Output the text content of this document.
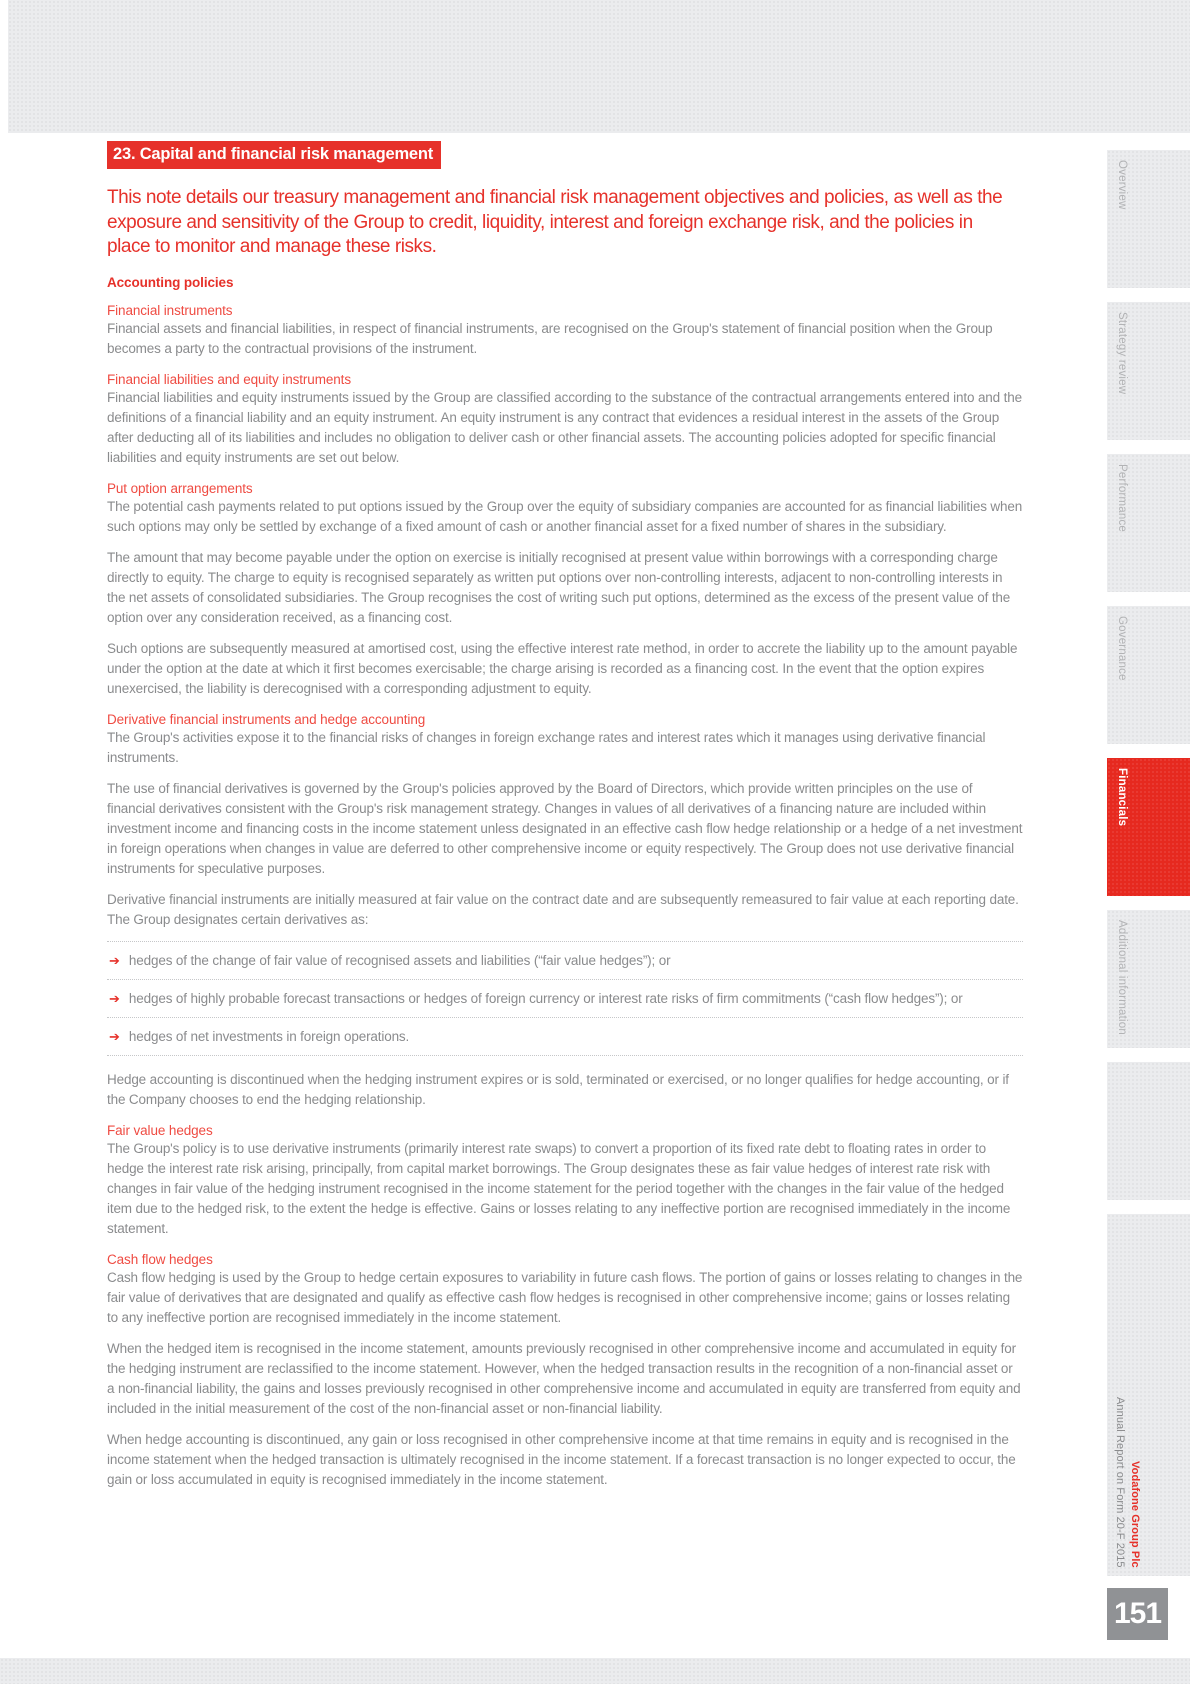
23. Capital and financial risk management

This note details our treasury management and financial risk management objectives and policies, as well as the exposure and sensitivity of the Group to credit, liquidity, interest and foreign exchange risk, and the policies in place to monitor and manage these risks.

Accounting policies
Financial instruments

Financial assets and financial liabilities, in respect of financial instruments, are recognised on the Group's statement of financial position when the Group becomes a party to the contractual provisions of the instrument.

Financial liabilities and equity instruments

Financial liabilities and equity instruments issued by the Group are classified according to the substance of the contractual arrangements entered into and the definitions of a financial liability and an equity instrument. An equity instrument is any contract that evidences a residual interest in the assets of the Group after deducting all of its liabilities and includes no obligation to deliver cash or other financial assets. The accounting policies adopted for specific financial liabilities and equity instruments are set out below.

Put option arrangements

The potential cash payments related to put options issued by the Group over the equity of subsidiary companies are accounted for as financial liabilities when such options may only be settled by exchange of a fixed amount of cash or another financial asset for a fixed number of shares in the subsidiary.

The amount that may become payable under the option on exercise is initially recognised at present value within borrowings with a corresponding charge directly to equity. The charge to equity is recognised separately as written put options over non-controlling interests, adjacent to non-controlling interests in the net assets of consolidated subsidiaries. The Group recognises the cost of writing such put options, determined as the excess of the present value of the option over any consideration received, as a financing cost.

Such options are subsequently measured at amortised cost, using the effective interest rate method, in order to accrete the liability up to the amount payable under the option at the date at which it first becomes exercisable; the charge arising is recorded as a financing cost. In the event that the option expires unexercised, the liability is derecognised with a corresponding adjustment to equity.

Derivative financial instruments and hedge accounting

The Group's activities expose it to the financial risks of changes in foreign exchange rates and interest rates which it manages using derivative financial instruments.

The use of financial derivatives is governed by the Group's policies approved by the Board of Directors, which provide written principles on the use of financial derivatives consistent with the Group's risk management strategy. Changes in values of all derivatives of a financing nature are included within investment income and financing costs in the income statement unless designated in an effective cash flow hedge relationship or a hedge of a net investment in foreign operations when changes in value are deferred to other comprehensive income or equity respectively. The Group does not use derivative financial instruments for speculative purposes.

Derivative financial instruments are initially measured at fair value on the contract date and are subsequently remeasured to fair value at each reporting date. The Group designates certain derivatives as:

➔ hedges of the change of fair value of recognised assets and liabilities (“fair value hedges”); or
➔ hedges of highly probable forecast transactions or hedges of foreign currency or interest rate risks of firm commitments (“cash flow hedges”); or
➔ hedges of net investments in foreign operations.

Hedge accounting is discontinued when the hedging instrument expires or is sold, terminated or exercised, or no longer qualifies for hedge accounting, or if the Company chooses to end the hedging relationship.

Fair value hedges

The Group's policy is to use derivative instruments (primarily interest rate swaps) to convert a proportion of its fixed rate debt to floating rates in order to hedge the interest rate risk arising, principally, from capital market borrowings. The Group designates these as fair value hedges of interest rate risk with changes in fair value of the hedging instrument recognised in the income statement for the period together with the changes in the fair value of the hedged item due to the hedged risk, to the extent the hedge is effective. Gains or losses relating to any ineffective portion are recognised immediately in the income statement.

Cash flow hedges

Cash flow hedging is used by the Group to hedge certain exposures to variability in future cash flows. The portion of gains or losses relating to changes in the fair value of derivatives that are designated and qualify as effective cash flow hedges is recognised in other comprehensive income; gains or losses relating to any ineffective portion are recognised immediately in the income statement.

When the hedged item is recognised in the income statement, amounts previously recognised in other comprehensive income and accumulated in equity for the hedging instrument are reclassified to the income statement. However, when the hedged transaction results in the recognition of a non-financial asset or a non-financial liability, the gains and losses previously recognised in other comprehensive income and accumulated in equity are transferred from equity and included in the initial measurement of the cost of the non-financial asset or non-financial liability.

When hedge accounting is discontinued, any gain or loss recognised in other comprehensive income at that time remains in equity and is recognised in the income statement when the hedged transaction is ultimately recognised in the income statement. If a forecast transaction is no longer expected to occur, the gain or loss accumulated in equity is recognised immediately in the income statement.

Overview
Strategy review
Performance
Governance
Financials
Additional information
Vodafone Group Plc
Annual Report on Form 20-F 2015
151
